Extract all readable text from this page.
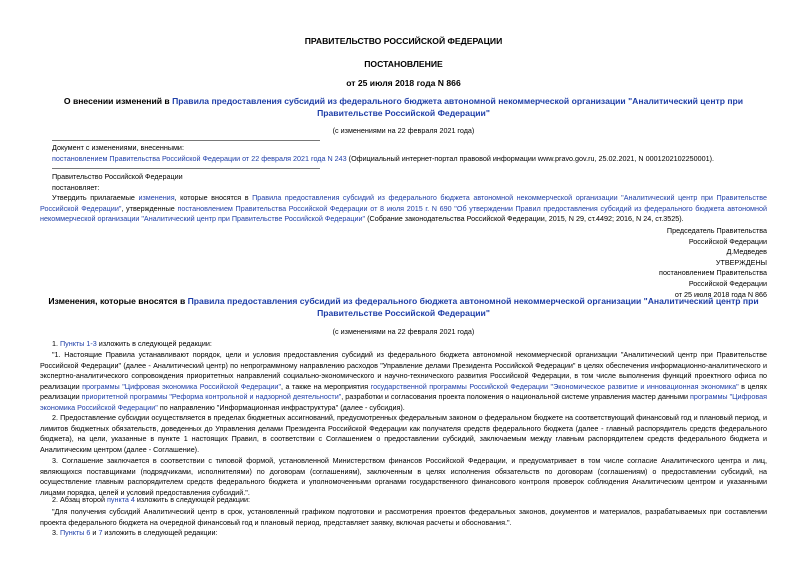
ПРАВИТЕЛЬСТВО РОССИЙСКОЙ ФЕДЕРАЦИИ
ПОСТАНОВЛЕНИЕ
от 25 июля 2018 года N 866
О внесении изменений в Правила предоставления субсидий из федерального бюджета автономной некоммерческой организации "Аналитический центр при Правительстве Российской Федерации"
(с изменениями на 22 февраля 2021 года)

Документ с изменениями, внесенными:

постановлением Правительства Российской Федерации от 22 февраля 2021 года N 243 (Официальный интернет-портал правовой информации www.pravo.gov.ru, 25.02.2021, N 0001202102250001).

Правительство Российской Федерации

постановляет:

Утвердить прилагаемые изменения, которые вносятся в Правила предоставления субсидий из федерального бюджета автономной некоммерческой организации "Аналитический центр при Правительстве Российской Федерации", утвержденные постановлением Правительства Российской Федерации от 8 июля 2015 г. N 690 "Об утверждении Правил предоставления субсидий из федерального бюджета автономной некоммерческой организации "Аналитический центр при Правительстве Российской Федерации" (Собрание законодательства Российской Федерации, 2015, N 29, ст.4492; 2016, N 24, ст.3525).

Председатель Правительства

Российской Федерации

Д.Медведев

УТВЕРЖДЕНЫ

постановлением Правительства

Российской Федерации

от 25 июля 2018 года N 866

Изменения, которые вносятся в Правила предоставления субсидий из федерального бюджета автономной некоммерческой организации "Аналитический центр при Правительстве Российской Федерации"
(с изменениями на 22 февраля 2021 года)
1. Пункты 1-3 изложить в следующей редакции:
"1. Настоящие Правила устанавливают порядок, цели и условия предоставления субсидий из федерального бюджета автономной некоммерческой организации "Аналитический центр при Правительстве Российской Федерации" (далее - Аналитический центр) по непрограммному направлению расходов "Управление делами Президента Российской Федерации" в целях обеспечения информационно-аналитического и экспертно-аналитического сопровождения приоритетных направлений социально-экономического и научно-технического развития Российской Федерации, в том числе выполнения функций проектного офиса по реализации программы "Цифровая экономика Российской Федерации", а также на мероприятия государственной программы Российской Федерации "Экономическое развитие и инновационная экономика" в целях реализации приоритетной программы "Реформа контрольной и надзорной деятельности", разработки и согласования проекта положения о национальной системе управления мастер данными программы "Цифровая экономика Российской Федерации" по направлению "Информационная инфраструктура" (далее - субсидия).
2. Предоставление субсидии осуществляется в пределах бюджетных ассигнований, предусмотренных федеральным законом о федеральном бюджете на соответствующий финансовый год и плановый период, и лимитов бюджетных обязательств, доведенных до Управления делами Президента Российской Федерации как получателя средств федерального бюджета (далее - главный распорядитель средств федерального бюджета), на цели, указанные в пункте 1 настоящих Правил, в соответствии с Соглашением о предоставлении субсидий, заключаемым между главным распорядителем средств федерального бюджета и Аналитическим центром (далее - Соглашение).
3. Соглашение заключается в соответствии с типовой формой, установленной Министерством финансов Российской Федерации, и предусматривает в том числе согласие Аналитического центра и лиц, являющихся поставщиками (подрядчиками, исполнителями) по договорам (соглашениям), заключенным в целях исполнения обязательств по договорам (соглашениям) о предоставлении субсидий, на осуществление главным распорядителем средств федерального бюджета и уполномоченными органами государственного финансового контроля проверок соблюдения Аналитическим центром и указанными лицами порядка, целей и условий предоставления субсидий.".
2. Абзац второй пункта 4 изложить в следующей редакции:
"Для получения субсидий Аналитический центр в срок, установленный графиком подготовки и рассмотрения проектов федеральных законов, документов и материалов, разрабатываемых при составлении проекта федерального бюджета на очередной финансовый год и плановый период, представляет заявку, включая расчеты и обоснования.".
3. Пункты 6 и 7 изложить в следующей редакции:
